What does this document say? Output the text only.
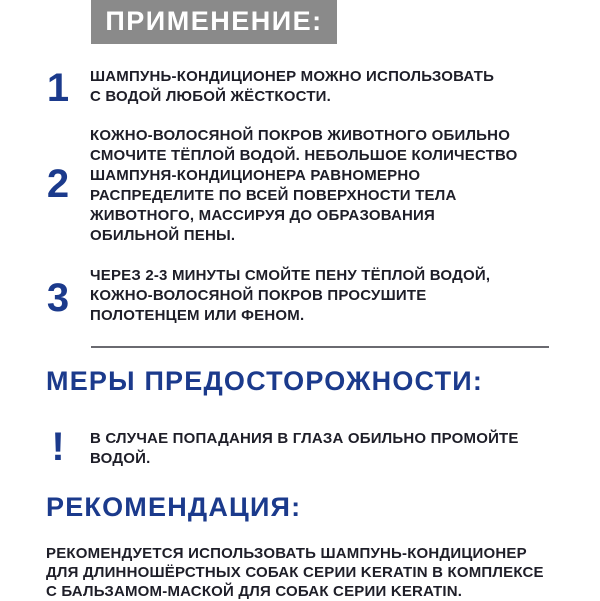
ПРИМЕНЕНИЕ:
1	ШАМПУНЬ-КОНДИЦИОНЕР МОЖНО ИСПОЛЬЗОВАТЬ
С ВОДОЙ ЛЮБОЙ ЖЁСТКОСТИ.
2
КОЖНО-ВОЛОСЯНОЙ ПОКРОВ ЖИВОТНОГО ОБИЛЬНО
СМОЧИТЕ ТЁПЛОЙ ВОДОЙ. НЕБОЛЬШОЕ КОЛИЧЕСТВО
ШАМПУНЯ-КОНДИЦИОНЕРА РАВНОМЕРНО
РАСПРЕДЕЛИТЕ ПО ВСЕЙ ПОВЕРХНОСТИ ТЕЛА
ЖИВОТНОГО, МАССИРУЯ ДО ОБРАЗОВАНИЯ
ОБИЛЬНОЙ ПЕНЫ.
3
ЧЕРЕЗ 2-3 МИНУТЫ СМОЙТЕ ПЕНУ ТЁПЛОЙ ВОДОЙ,
КОЖНО-ВОЛОСЯНОЙ ПОКРОВ ПРОСУШИТЕ
ПОЛОТЕНЦЕМ ИЛИ ФЕНОМ.
МЕРЫ ПРЕДОСТОРОЖНОСТИ:
! В СЛУЧАЕ ПОПАДАНИЯ В ГЛАЗА ОБИЛЬНО ПРОМОЙТЕ
ВОДОЙ.
РЕКОМЕНДАЦИЯ:
РЕКОМЕНДУЕТСЯ ИСПОЛЬЗОВАТЬ ШАМПУНЬ-КОНДИЦИОНЕР
ДЛЯ ДЛИННОШЁРСТНЫХ СОБАК СЕРИИ KERATIN В КОМПЛЕКСЕ
С БАЛЬЗАМОМ-МАСКОЙ ДЛЯ СОБАК СЕРИИ KERATIN.
